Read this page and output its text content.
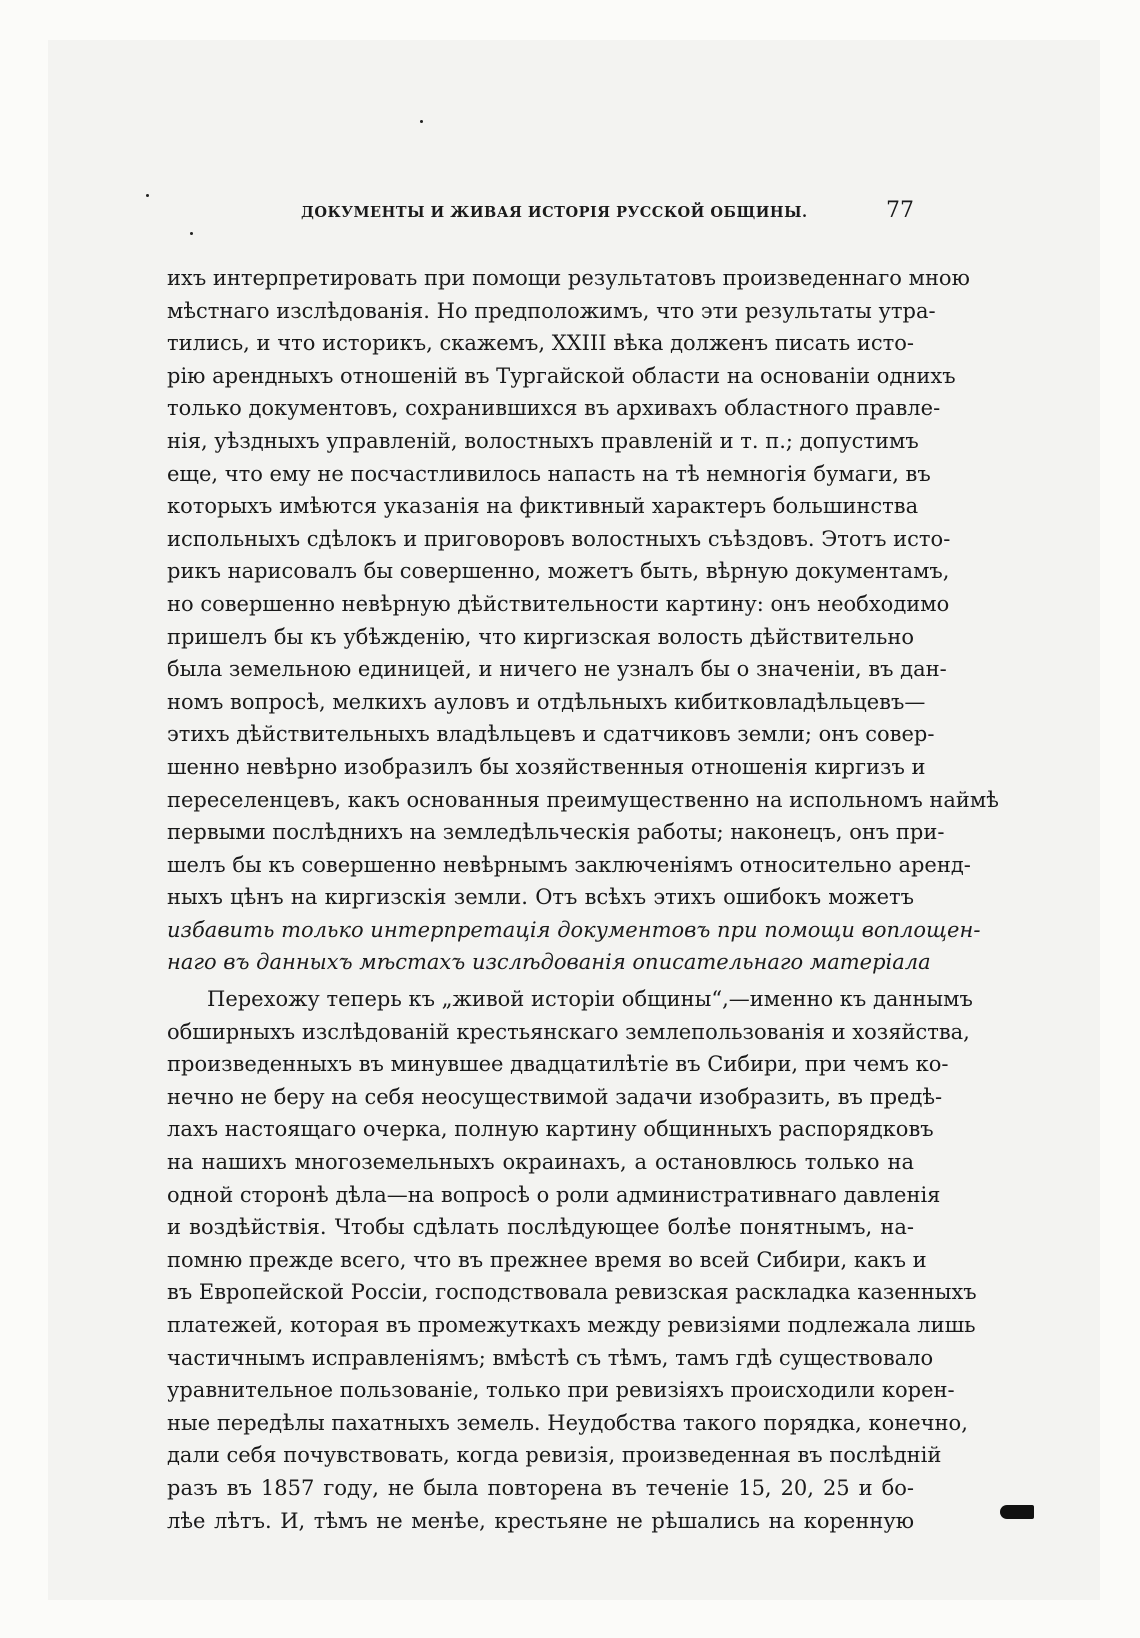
ДОКУМЕНТЫ И ЖИВАЯ ИСТОРІЯ РУССКОЙ ОБЩИНЫ.	77
ихъ интерпретировать при помощи результатовъ произведеннаго мною
мѣстнаго изслѣдованія. Но предположимъ, что эти результаты утра-
тились, и что историкъ, скажемъ, XXIII вѣка долженъ писать исто-
рію арендныхъ отношеній въ Тургайской области на основаніи однихъ
только документовъ, сохранившихся въ архивахъ областного правле-
нія, уѣздныхъ управленій, волостныхъ правленій и т. п.; допустимъ
еще, что ему не посчастливилось напасть на тѣ немногія бумаги, въ
которыхъ имѣются указанія на фиктивный характеръ большинства
испольныхъ сдѣлокъ и приговоровъ волостныхъ съѣздовъ. Этотъ исто-
рикъ нарисовалъ бы совершенно, можетъ быть, вѣрную документамъ,
но совершенно невѣрную дѣйствительности картину: онъ необходимо
пришелъ бы къ убѣжденію, что киргизская волость дѣйствительно
была земельною единицей, и ничего не узналъ бы о значеніи, въ дан-
номъ вопросѣ, мелкихъ ауловъ и отдѣльныхъ кибитковладѣльцевъ—
этихъ дѣйствительныхъ владѣльцевъ и сдатчиковъ земли; онъ совер-
шенно невѣрно изобразилъ бы хозяйственныя отношенія киргизъ и
переселенцевъ, какъ основанныя преимущественно на испольномъ наймѣ
первыми послѣднихъ на земледѣльческія работы; наконецъ, онъ при-
шелъ бы къ совершенно невѣрнымъ заключеніямъ относительно аренд-
ныхъ цѣнъ на киргизскія земли. Отъ всѣхъ этихъ ошибокъ можетъ
избавить только интерпретація документовъ при помощи воплощен-
наго въ данныхъ мѣстахъ изслѣдованія описательнаго матеріала
Перехожу теперь къ „живой исторіи общины“,—именно къ даннымъ
обширныхъ изслѣдованій крестьянскаго землепользованія и хозяйства,
произведенныхъ въ минувшее двадцатилѣтіе въ Сибири, при чемъ ко-
нечно не беру на себя неосуществимой задачи изобразить, въ предѣ-
лахъ настоящаго очерка, полную картину общинныхъ распорядковъ
на нашихъ многоземельныхъ окраинахъ, а остановлюсь только на
одной сторонѣ дѣла—на вопросѣ о роли административнаго давленія
и воздѣйствія. Чтобы сдѣлать послѣдующее болѣе понятнымъ, на-
помню прежде всего, что въ прежнее время во всей Сибири, какъ и
въ Европейской Россіи, господствовала ревизская раскладка казенныхъ
платежей, которая въ промежуткахъ между ревизіями подлежала лишь
частичнымъ исправленіямъ; вмѣстѣ съ тѣмъ, тамъ гдѣ существовало
уравнительное пользованіе, только при ревизіяхъ происходили корен-
ные передѣлы пахатныхъ земель. Неудобства такого порядка, конечно,
дали себя почувствовать, когда ревизія, произведенная въ послѣдній
разъ въ 1857 году, не была повторена въ теченіе 15, 20, 25 и бо-
лѣе лѣтъ. И, тѣмъ не менѣе, крестьяне не рѣшались на коренную
